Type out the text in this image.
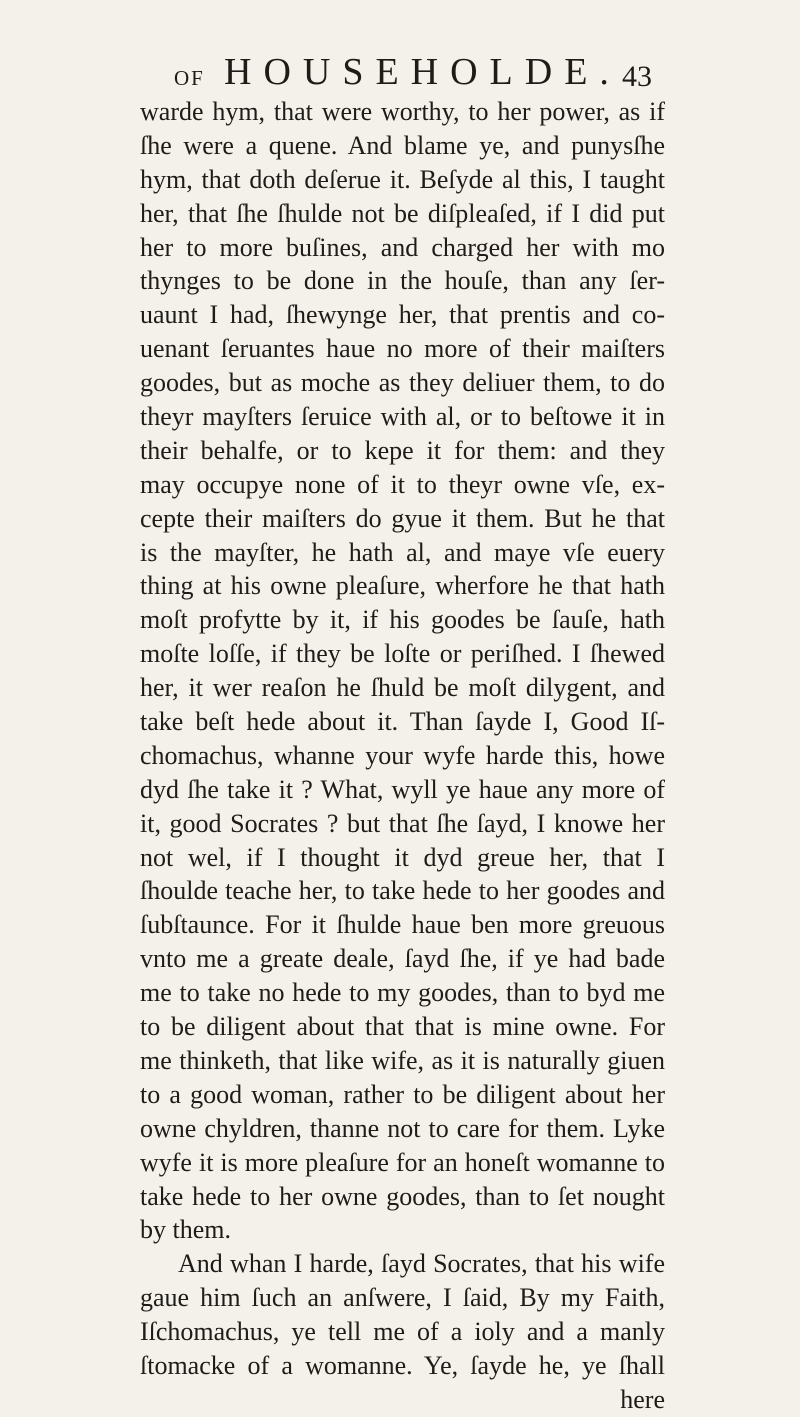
OF HOUSEHOLDE. 43
warde hym, that were worthy, to her power, as if
ſhe were a quene. And blame ye, and punysſhe
hym, that doth deſerue it. Beſyde al this, I taught
her, that ſhe ſhulde not be diſpleaſed, if I did put
her to more buſines, and charged her with mo
thynges to be done in the houſe, than any ſer-
uaunt I had, ſhewynge her, that prentis and co-
uenant ſeruantes haue no more of their maiſters
goodes, but as moche as they deliuer them, to do
theyr mayſters ſeruice with al, or to beſtowe it in
their behalfe, or to kepe it for them: and they
may occupye none of it to theyr owne vſe, ex-
cepte their maiſters do gyue it them. But he that
is the mayſter, he hath al, and maye vſe euery
thing at his owne pleaſure, wherfore he that hath
moſt profytte by it, if his goodes be ſauſe, hath
moſte loſſe, if they be loſte or periſhed. I ſhewed
her, it wer reaſon he ſhuld be moſt dilygent, and
take beſt hede about it. Than ſayde I, Good Iſ-
chomachus, whanne your wyfe harde this, howe
dyd ſhe take it ? What, wyll ye haue any more of
it, good Socrates ? but that ſhe ſayd, I knowe her
not wel, if I thought it dyd greue her, that I
ſhoulde teache her, to take hede to her goodes and
ſubſtaunce. For it ſhulde haue ben more greuous
vnto me a greate deale, ſayd ſhe, if ye had bade
me to take no hede to my goodes, than to byd me
to be diligent about that that is mine owne. For
me thinketh, that like wife, as it is naturally giuen
to a good woman, rather to be diligent about her
owne chyldren, thanne not to care for them. Lyke
wyfe it is more pleaſure for an honeſt womanne to
take hede to her owne goodes, than to ſet nought
by them.
And whan I harde, ſayd Socrates, that his wife
gaue him ſuch an anſwere, I ſaid, By my Faith,
Iſchomachus, ye tell me of a ioly and a manly
ſtomacke of a womanne. Ye, ſayde he, ye ſhall
here
